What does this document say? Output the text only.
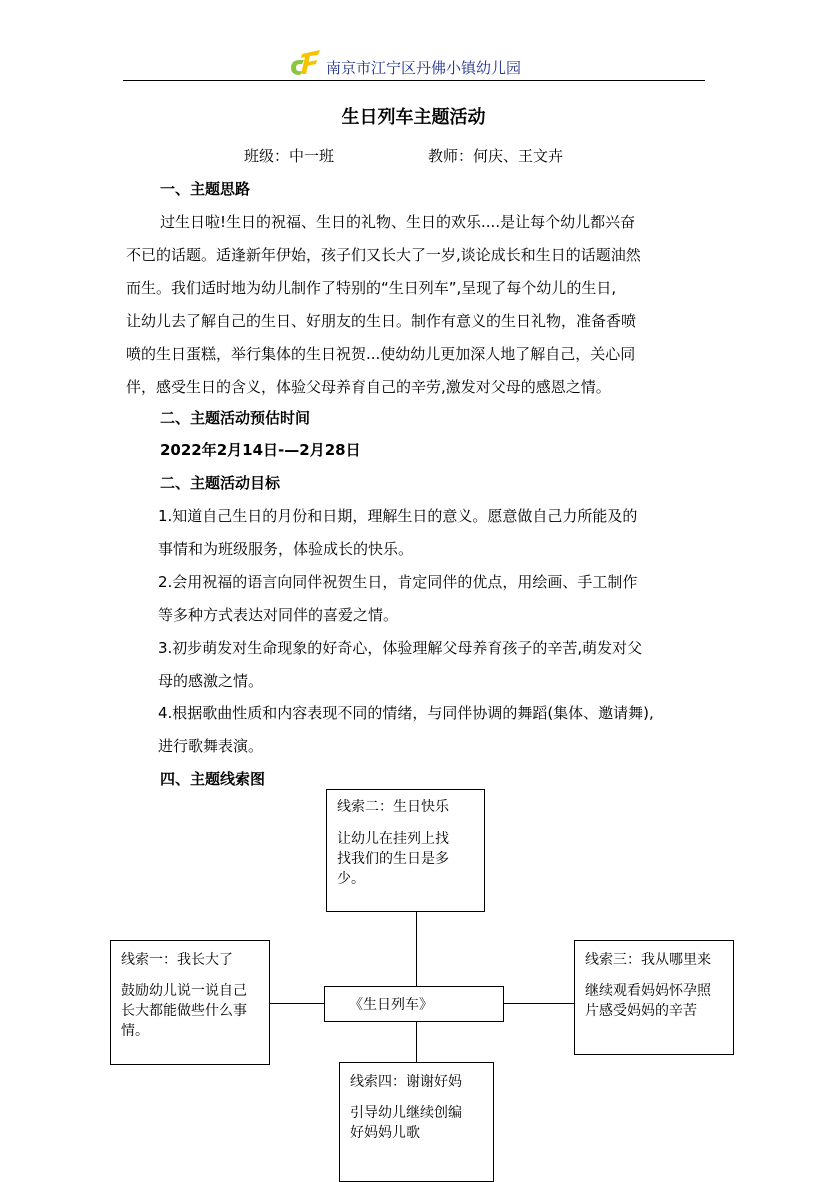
南京市江宁区丹佛小镇幼儿园
生日列车主题活动
班级：中一班	教师：何庆、王文卉
一、主题思路
过生日啦!生日的祝福、生日的礼物、生日的欢乐....是让每个幼儿都兴奋
不已的话题。适逢新年伊始，孩子们又长大了一岁,谈论成长和生日的话题油然
而生。我们适时地为幼儿制作了特别的“生日列车”,呈现了每个幼儿的生日,
让幼儿去了解自己的生日、好朋友的生日。制作有意义的生日礼物，准备香喷
喷的生日蛋糕，举行集体的生日祝贺...使幼幼儿更加深人地了解自己，关心同
伴，感受生日的含义，体验父母养育自己的辛劳,激发对父母的感恩之情。
二、主题活动预估时间
2022年2月14日-—2月28日
二、主题活动目标
1.知道自己生日的月份和日期，理解生日的意义。愿意做自己力所能及的
事情和为班级服务，体验成长的快乐。
2.会用祝福的语言向同伴祝贺生日，肯定同伴的优点，用绘画、手工制作
等多种方式表达对同伴的喜爱之情。
3.初步萌发对生命现象的好奇心，体验理解父母养育孩子的辛苦,萌发对父
母的感激之情。
4.根据歌曲性质和内容表现不同的情绪，与同伴协调的舞蹈(集体、邀请舞),
进行歌舞表演。
四、主题线索图
《生日列车》
线索二：生日快乐
让幼儿在挂列上找
找我们的生日是多
少。
线索一：我长大了
鼓励幼儿说一说自己
长大都能做些什么事
情。
线索三：我从哪里来
继续观看妈妈怀孕照
片感受妈妈的辛苦
线索四：谢谢好妈
引导幼儿继续创编
好妈妈儿歌
